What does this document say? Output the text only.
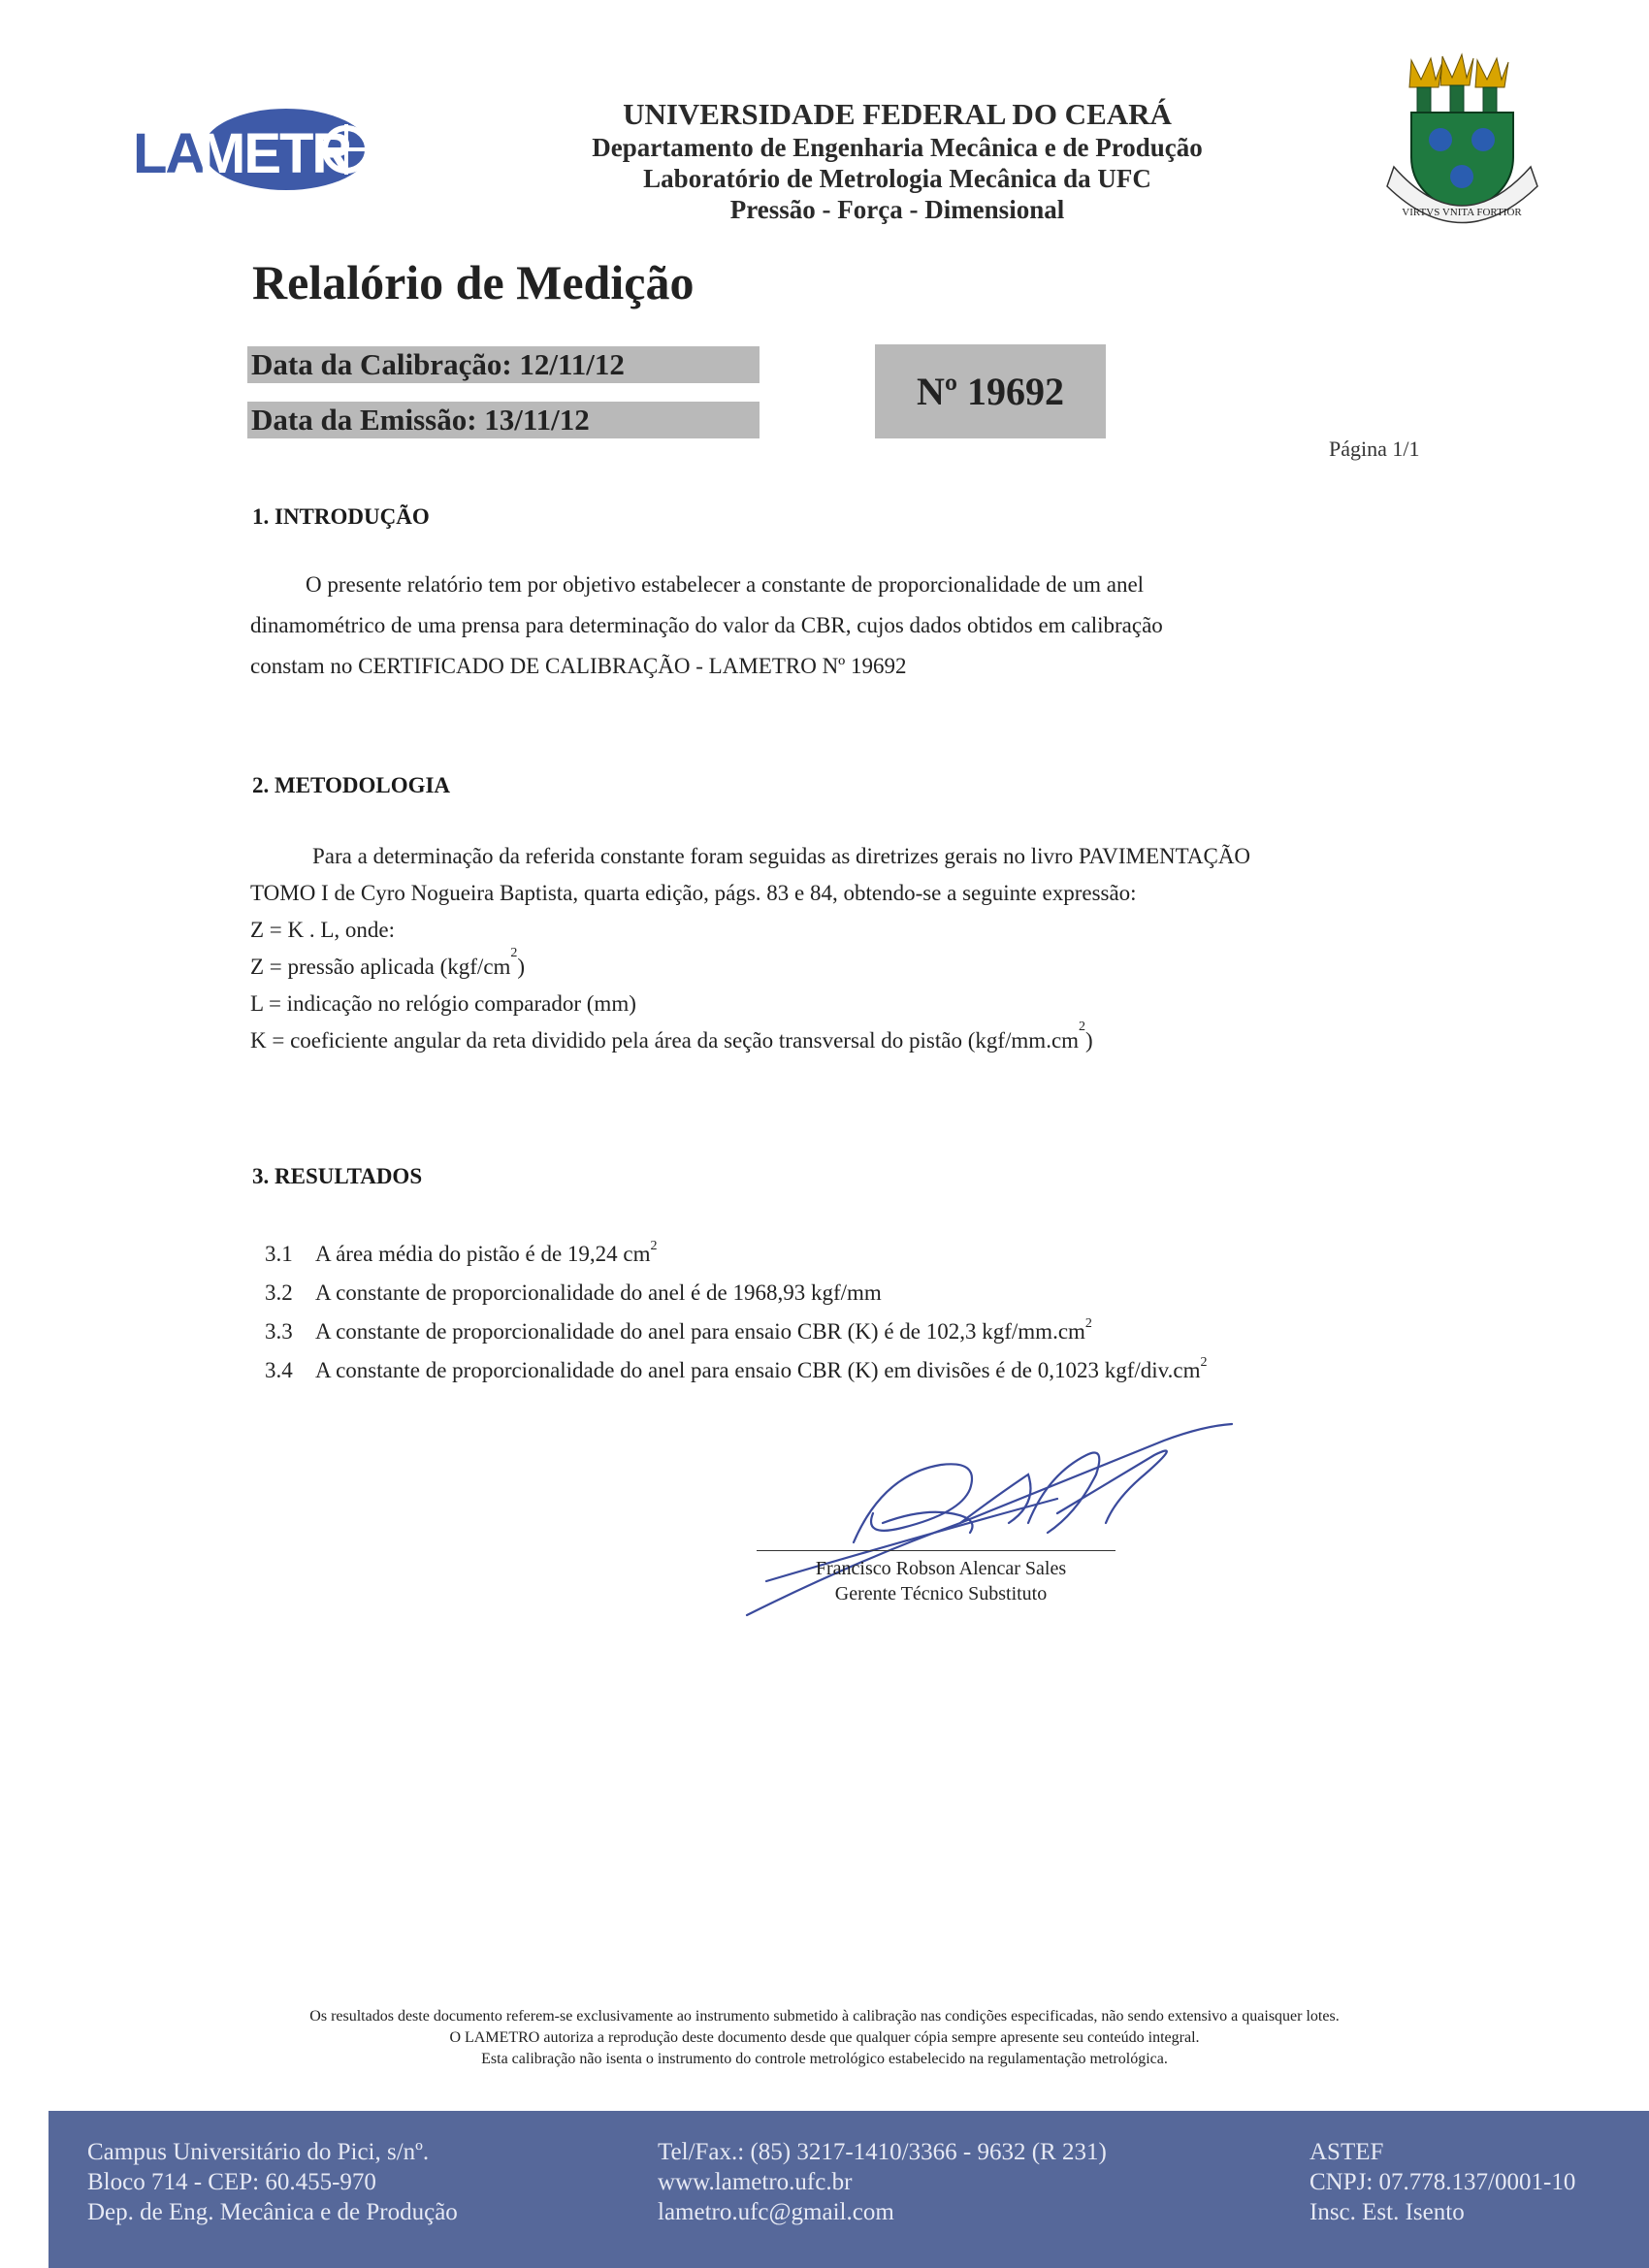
LA
METR
VIRTVS VNITA FORTIOR
UNIVERSIDADE FEDERAL DO CEARÁ
Departamento de Engenharia Mecânica e de Produção
Laboratório de Metrologia Mecânica da UFC
Pressão - Força - Dimensional
Relalório de Medição
Data da Calibração: 12/11/12
Data da Emissão: 13/11/12
Nº 19692
Página 1/1
1. INTRODUÇÃO
O presente relatório tem por objetivo estabelecer a constante de proporcionalidade de um anel
dinamométrico de uma prensa para determinação do valor da CBR, cujos dados obtidos em calibração
constam no CERTIFICADO DE CALIBRAÇÃO - LAMETRO Nº 19692
2. METODOLOGIA
Para a determinação da referida constante foram seguidas as diretrizes gerais no livro PAVIMENTAÇÃO
TOMO I de Cyro Nogueira Baptista, quarta edição, págs. 83 e 84, obtendo-se a seguinte expressão:
Z = K . L, onde:
Z = pressão aplicada $(kgf/cm^2)$
L = indicação no relógio comparador (mm)
K = coeficiente angular da reta dividido pela área da seção transversal do pistão $(kgf/mm.cm^2)$
3. RESULTADOS
3.1 A área média do pistão é de 19,24 $cm^2$
3.2 A constante de proporcionalidade do anel é de 1968,93 kgf/mm
3.3 A constante de proporcionalidade do anel para ensaio CBR (K) é de 102,3 kgf/$mm.cm^2$
3.4 A constante de proporcionalidade do anel para ensaio CBR (K) em divisões é de 0,1023 kgf/$div.cm^2$
Francisco Robson Alencar Sales
Gerente Técnico Substituto
Os resultados deste documento referem-se exclusivamente ao instrumento submetido à calibração nas condições especificadas, não sendo extensivo a quaisquer lotes.
O LAMETRO autoriza a reprodução deste documento desde que qualquer cópia sempre apresente seu conteúdo integral.
Esta calibração não isenta o instrumento do controle metrológico estabelecido na regulamentação metrológica.
Campus Universitário do Pici, s/nº.
Bloco 714 - CEP: 60.455-970
Dep. de Eng. Mecânica e de Produção
Tel/Fax.: (85) 3217-1410/3366 - 9632 (R 231)
www.lametro.ufc.br
lametro.ufc@gmail.com
ASTEF
CNPJ: 07.778.137/0001-10
Insc. Est. Isento
